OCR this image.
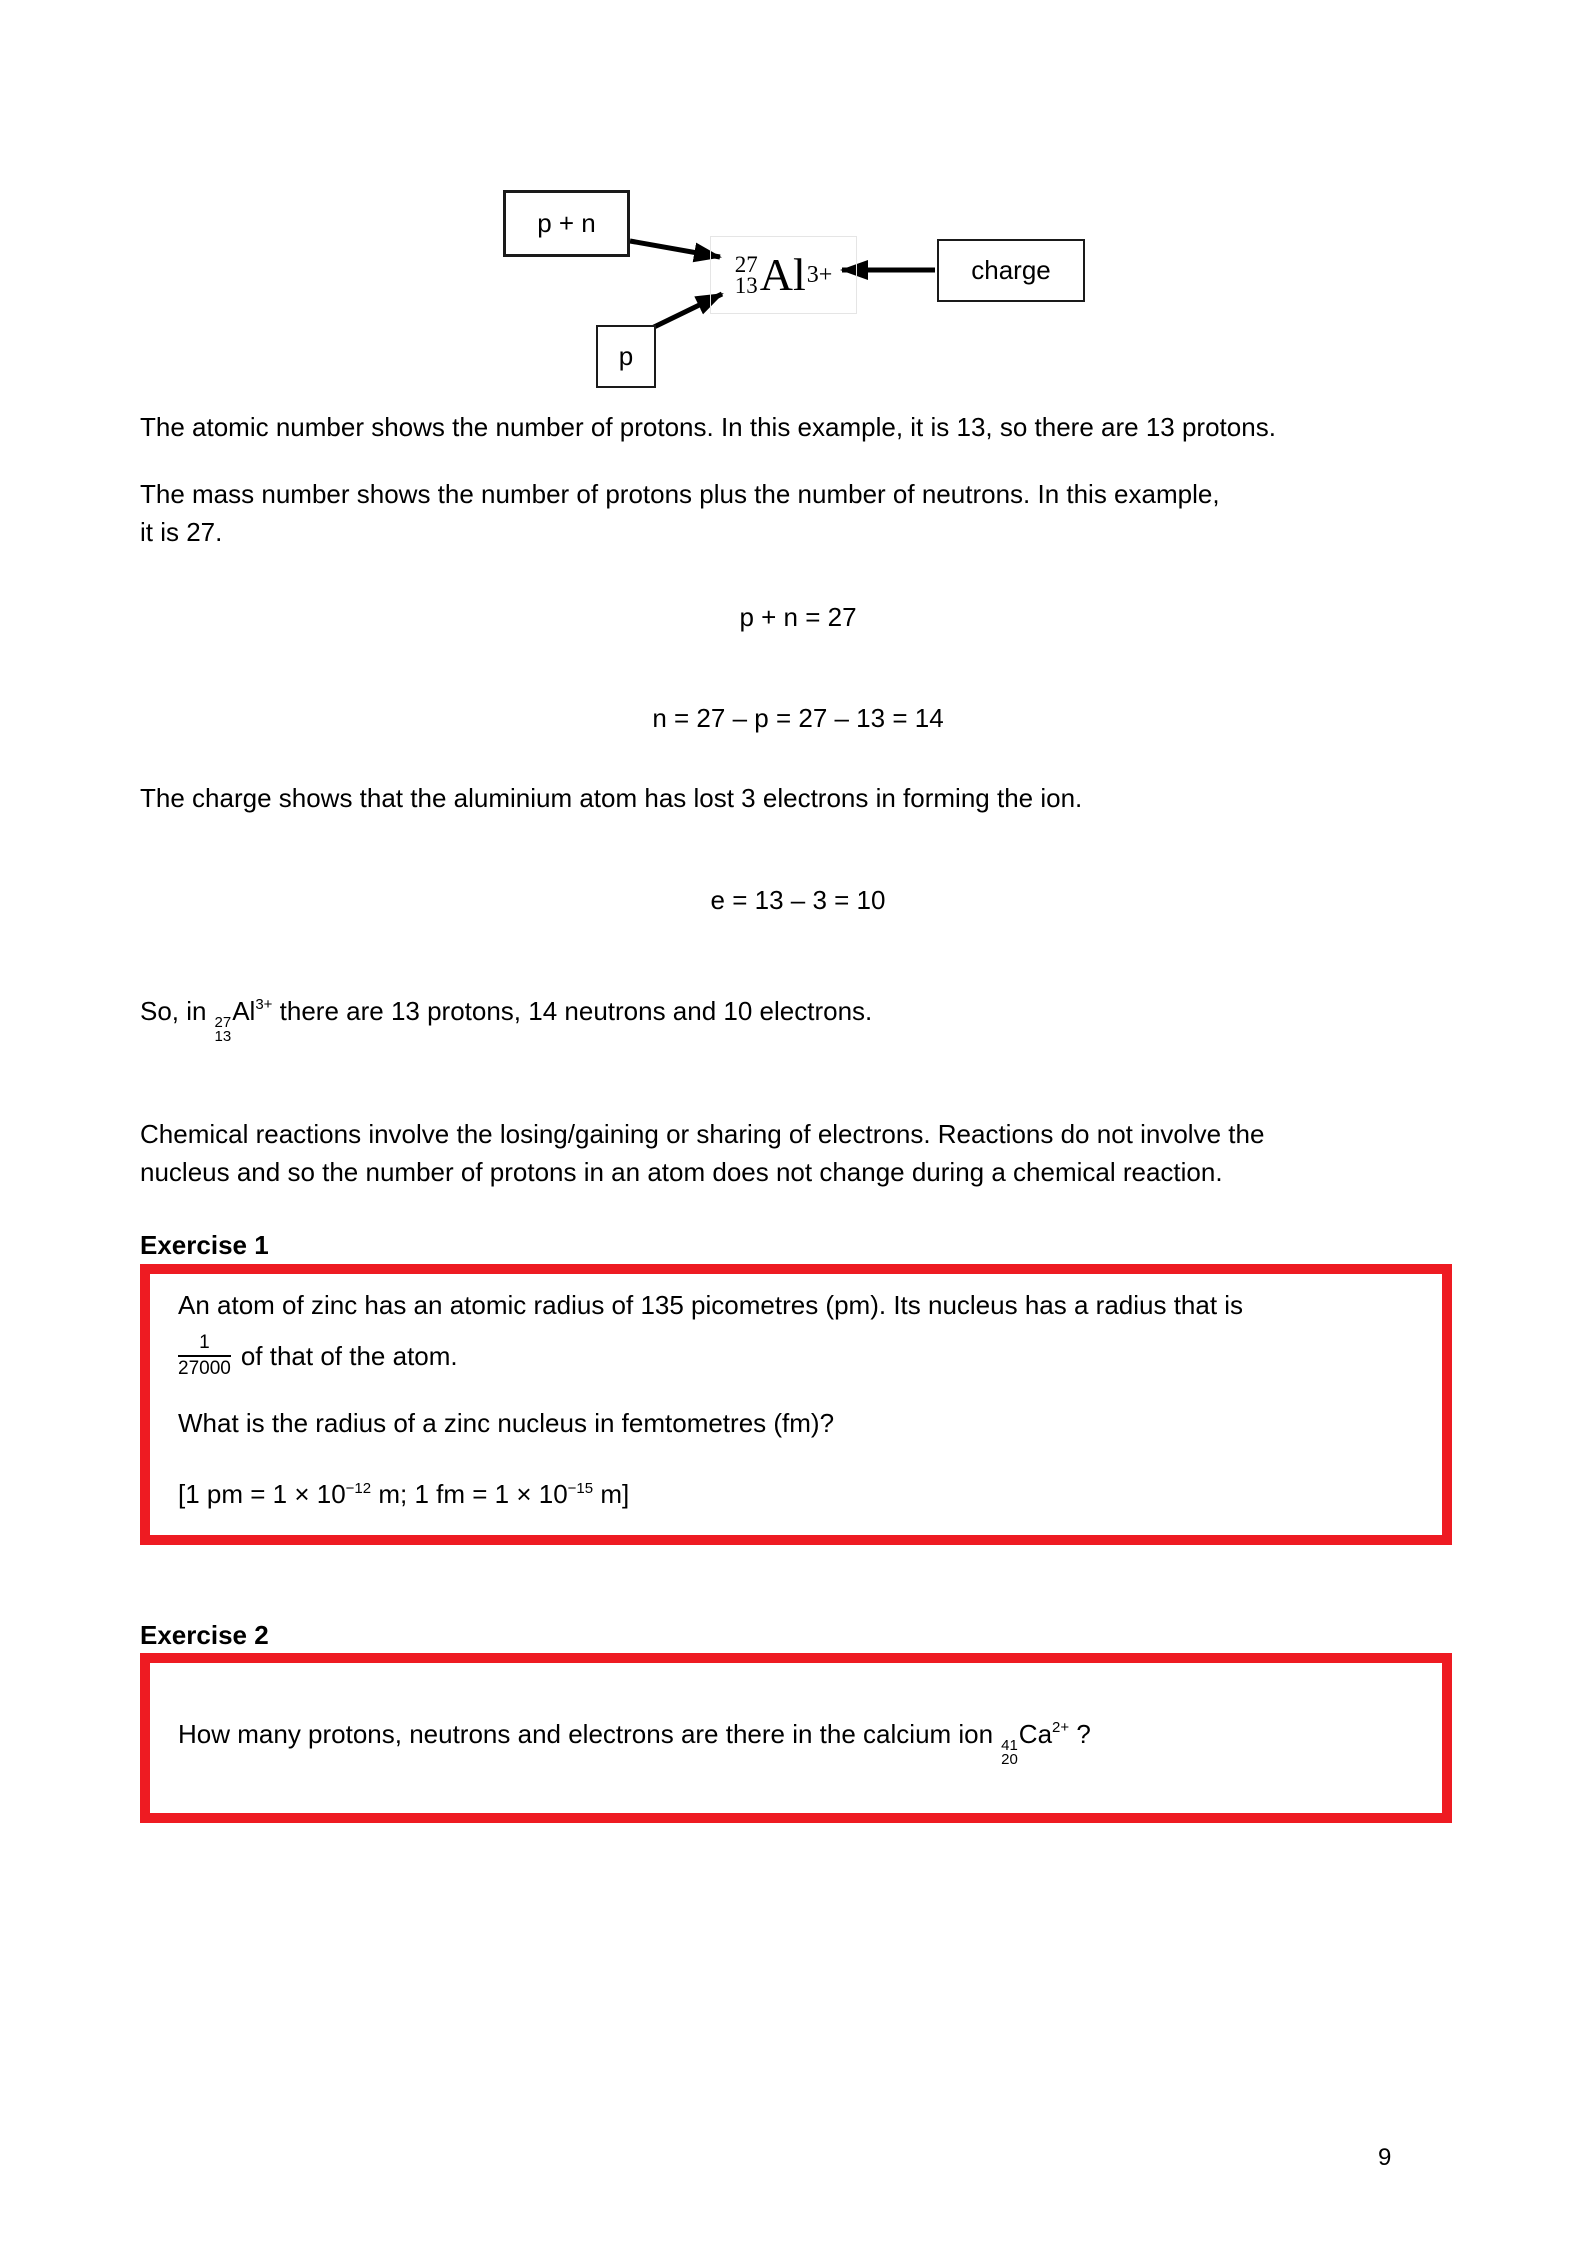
p + n
p
charge
27
13 Al 3+
The atomic number shows the number of protons. In this example, it is 13, so there are 13 protons.
The mass number shows the number of protons plus the number of neutrons. In this example,
it is 27.
p + n = 27
n = 27 – p = 27 – 13 = 14
The charge shows that the aluminium atom has lost 3 electrons in forming the ion.
e = 13 – 3 = 10
So, in 27
13
$Al^{3+}$ there are 13 protons, 14 neutrons and 10 electrons.
Chemical reactions involve the losing/gaining or sharing of electrons. Reactions do not involve the
nucleus and so the number of protons in an atom does not change during a chemical reaction.
Exercise 1
An atom of zinc has an atomic radius of 135 picometres (pm). Its nucleus has a radius that is
$\frac{1}{27000}$ of that of the atom.
What is the radius of a zinc nucleus in femtometres (fm)?
[1 pm = $1 \times 10^{-12}$ m; 1 fm = $1 \times 10^{-15}$ m]
Exercise 2
How many protons, neutrons and electrons are there in the calcium ion 41
20
$Ca^{2+}$ ?
9
